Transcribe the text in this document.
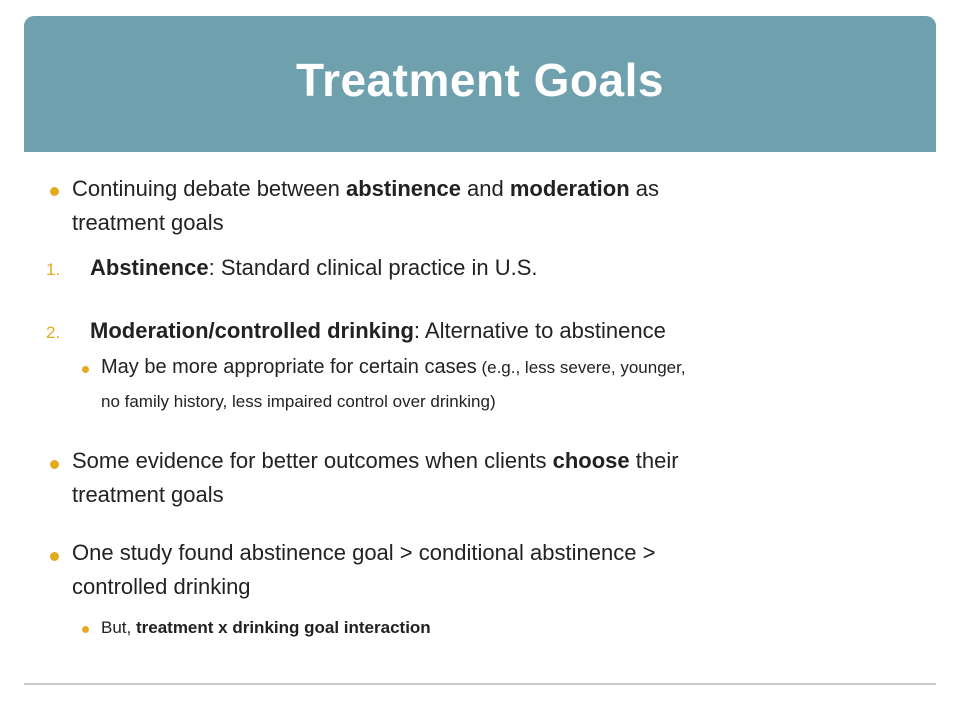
Treatment Goals
Continuing debate between abstinence and moderation as
treatment goals
1. Abstinence: Standard clinical practice in U.S.
2. Moderation/controlled drinking: Alternative to abstinence
May be more appropriate for certain cases (e.g., less severe, younger,
no family history, less impaired control over drinking)
Some evidence for better outcomes when clients choose their
treatment goals
One study found abstinence goal > conditional abstinence >
controlled drinking
But, treatment x drinking goal interaction
